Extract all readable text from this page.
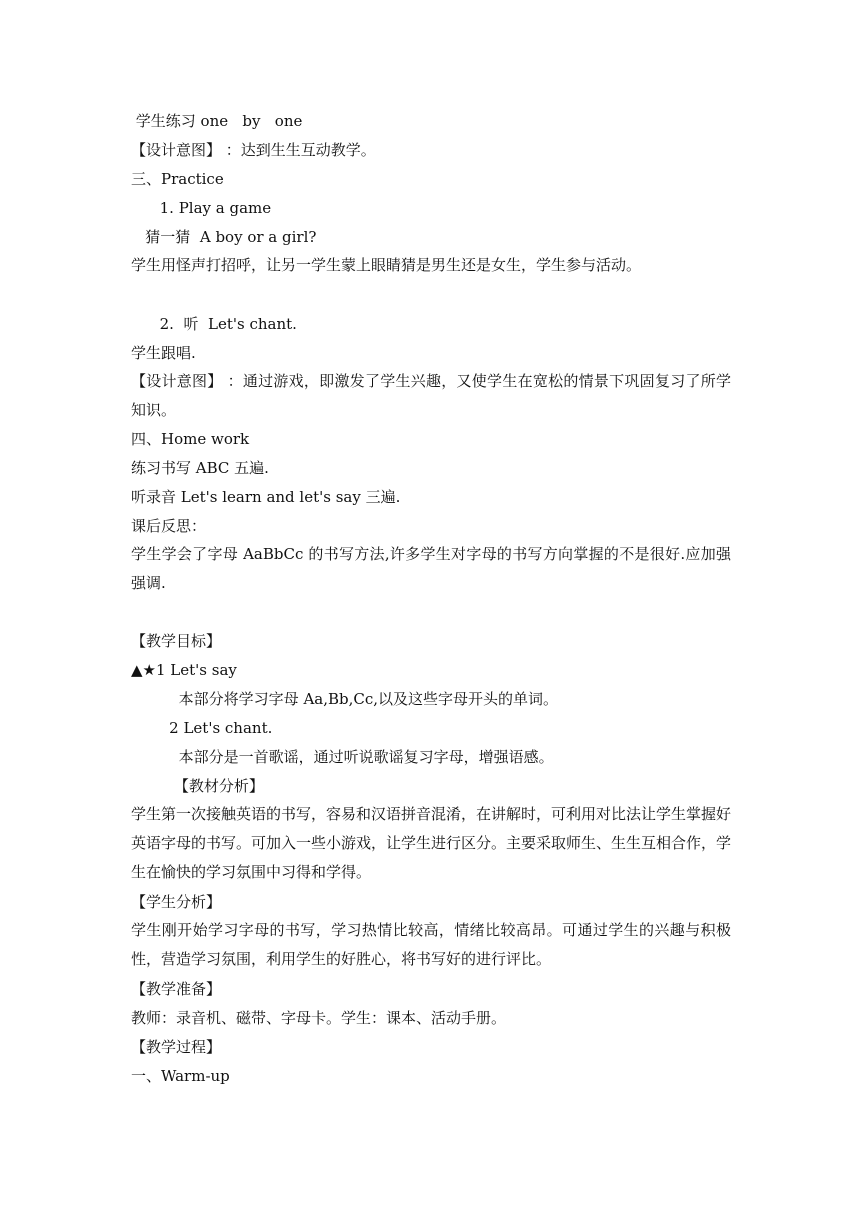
学生练习 one   by   one
【设计意图】 ：达到生生互动教学。
三、Practice
1. Play a game
猜一猜  A boy or a girl?
学生用怪声打招呼，让另一学生蒙上眼睛猜是男生还是女生，学生参与活动。
2.  听  Let's chant.
学生跟唱.
【设计意图】 ：通过游戏，即激发了学生兴趣，又使学生在宽松的情景下巩固复习了所学知识。
四、Home work
练习书写 ABC 五遍.
听录音 Let's learn and let's say 三遍.
课后反思：
学生学会了字母 AaBbCc 的书写方法,许多学生对字母的书写方向掌握的不是很好.应加强强调.
【教学目标】
▲★1 Let's say
本部分将学习字母 Aa,Bb,Cc,以及这些字母开头的单词。
2 Let's chant.
本部分是一首歌谣，通过听说歌谣复习字母，增强语感。
【教材分析】
学生第一次接触英语的书写，容易和汉语拼音混淆，在讲解时，可利用对比法让学生掌握好英语字母的书写。可加入一些小游戏，让学生进行区分。主要采取师生、生生互相合作，学生在愉快的学习氛围中习得和学得。
【学生分析】
学生刚开始学习字母的书写，学习热情比较高，情绪比较高昂。可通过学生的兴趣与积极性，营造学习氛围，利用学生的好胜心，将书写好的进行评比。
【教学准备】
教师：录音机、磁带、字母卡。学生：课本、活动手册。
【教学过程】
一、Warm-up
